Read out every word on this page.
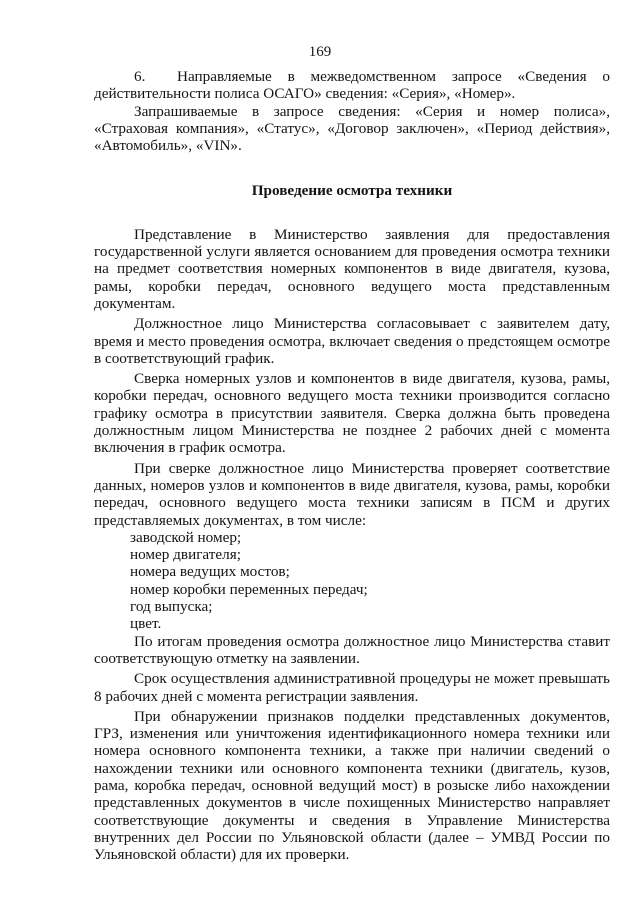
169

6.  Направляемые в межведомственном запросе «Сведения о действительности полиса ОСАГО» сведения: «Серия», «Номер».

Запрашиваемые в запросе сведения: «Серия и номер полиса», «Страховая компания», «Статус», «Договор заключен», «Период действия», «Автомобиль», «VIN».

Проведение осмотра техники

Представление в Министерство заявления для предоставления государственной услуги является основанием для проведения осмотра техники на предмет соответствия номерных компонентов в виде двигателя, кузова, рамы, коробки передач, основного ведущего моста представленным документам.

Должностное лицо Министерства согласовывает с заявителем дату, время и место проведения осмотра, включает сведения о предстоящем осмотре в соответствующий график.

Сверка номерных узлов и компонентов в виде двигателя, кузова, рамы, коробки передач, основного ведущего моста техники производится согласно графику осмотра в присутствии заявителя. Сверка должна быть проведена должностным лицом Министерства не позднее 2 рабочих дней с момента включения в график осмотра.

При сверке должностное лицо Министерства проверяет соответствие данных, номеров узлов и компонентов в виде двигателя, кузова, рамы, коробки передач, основного ведущего моста техники записям в ПСМ и других представляемых документах, в том числе:

заводской номер;

номер двигателя;

номера ведущих мостов;

номер коробки переменных передач;

год выпуска;

цвет.

По итогам проведения осмотра должностное лицо Министерства ставит соответствующую отметку на заявлении.

Срок осуществления административной процедуры не может превышать 8 рабочих дней с момента регистрации заявления.

При обнаружении признаков подделки представленных документов, ГРЗ, изменения или уничтожения идентификационного номера техники или номера основного компонента техники, а также при наличии сведений о нахождении техники или основного компонента техники (двигатель, кузов, рама, коробка передач, основной ведущий мост) в розыске либо нахождении представленных документов в числе похищенных Министерство направляет соответствующие документы и сведения в Управление Министерства внутренних дел России по Ульяновской области (далее – УМВД России по Ульяновской области) для их проверки.
